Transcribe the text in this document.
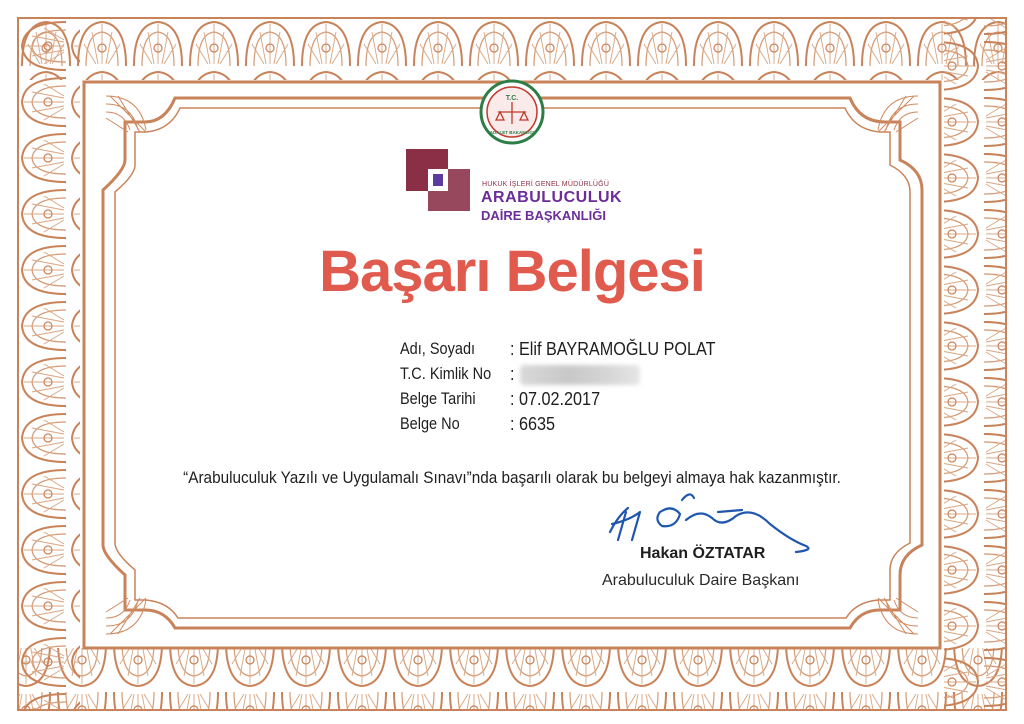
T.C.
ADALET BAKANLIĞI
HUKUK İŞLERİ GENEL MÜDÜRLÜĞÜ
ARABULUCULUK
DAİRE BAŞKANLIĞI
Başarı Belgesi
Adı, Soyadı : Elif BAYRAMOĞLU POLAT
T.C. Kimlik No :
Belge Tarihi : 07.02.2017
Belge No	: 6635
“Arabuluculuk Yazılı ve Uygulamalı Sınavı”nda başarılı olarak bu belgeyi almaya hak kazanmıştır.
Hakan ÖZTATAR
Arabuluculuk Daire Başkanı
